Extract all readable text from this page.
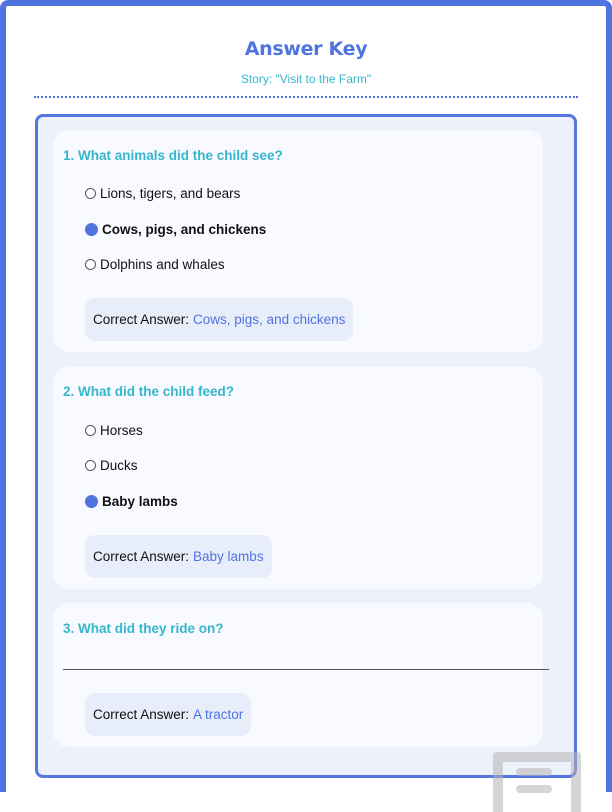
Answer Key
Story: "Visit to the Farm"
1. What animals did the child see?
Lions, tigers, and bears
Cows, pigs, and chickens
Dolphins and whales
Correct Answer: Cows, pigs, and chickens
2. What did the child feed?
Horses
Ducks
Baby lambs
Correct Answer: Baby lambs
3. What did they ride on?
Correct Answer: A tractor
